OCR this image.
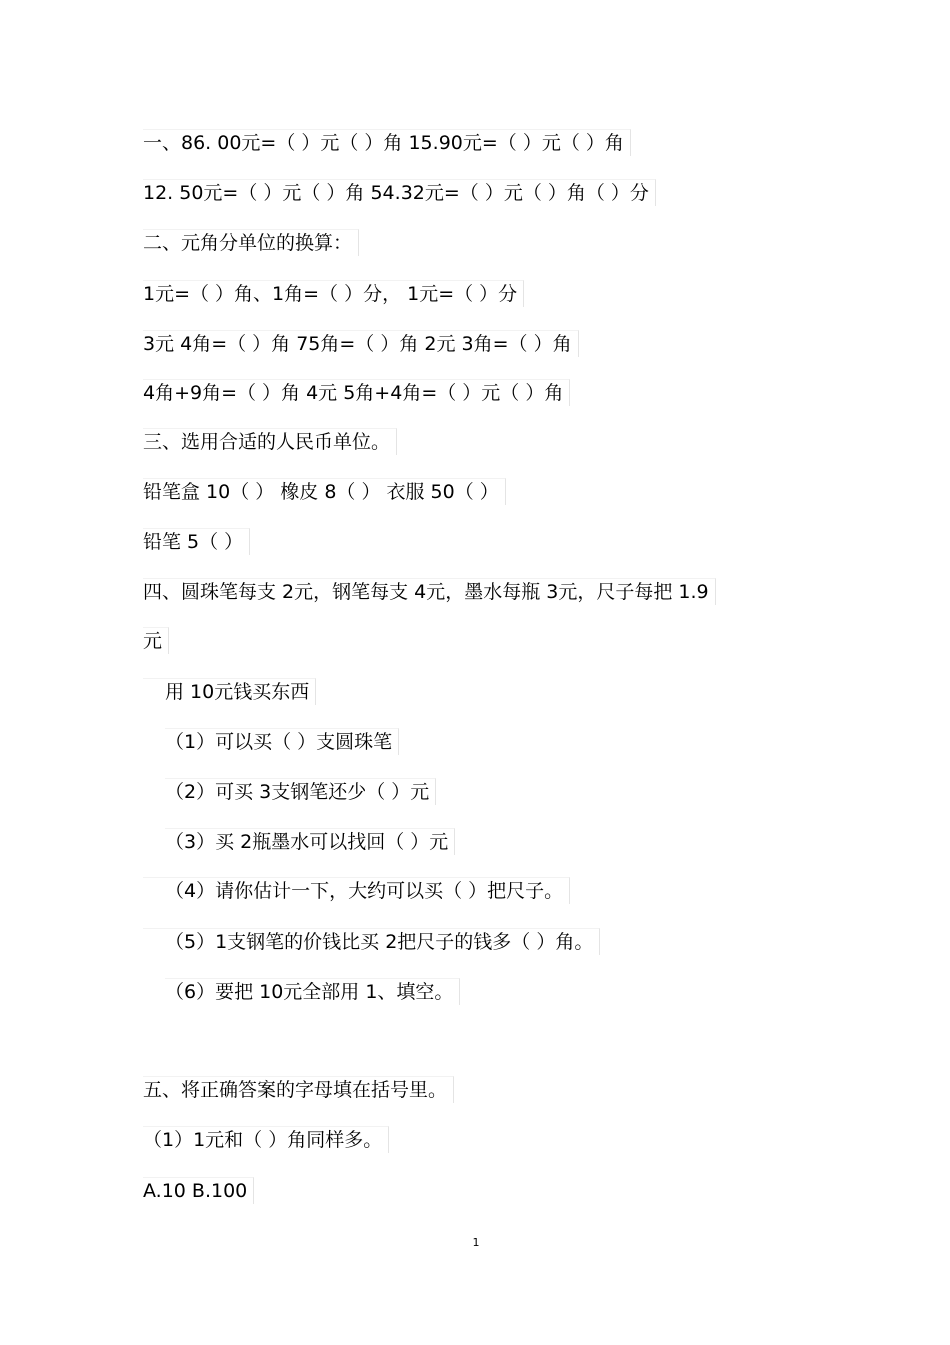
一、86. 00元=（ ）元（ ）角 15.90元=（ ）元（ ）角
12. 50元=（ ）元（ ）角 54.32元=（ ）元（ ）角（ ）分
二、元角分单位的换算：
1元=（ ）角、1角=（ ）分， 1元=（ ）分
3元 4角=（ ）角 75角=（ ）角 2元 3角=（ ）角
4角+9角=（ ）角 4元 5角+4角=（ ）元（ ）角
三、选用合适的人民币单位。
铅笔盒 10（ ） 橡皮 8（ ） 衣服 50（ ）
铅笔 5（ ）
四、圆珠笔每支 2元，钢笔每支 4元，墨水每瓶 3元，尺子每把 1.9
元
用 10元钱买东西
（1）可以买（ ）支圆珠笔
（2）可买 3支钢笔还少（ ）元
（3）买 2瓶墨水可以找回（ ）元
（4）请你估计一下，大约可以买（ ）把尺子。
（5）1支钢笔的价钱比买 2把尺子的钱多（ ）角。
（6）要把 10元全部用 1、填空。
五、将正确答案的字母填在括号里。
（1）1元和（ ）角同样多。
A.10 B.100
1
